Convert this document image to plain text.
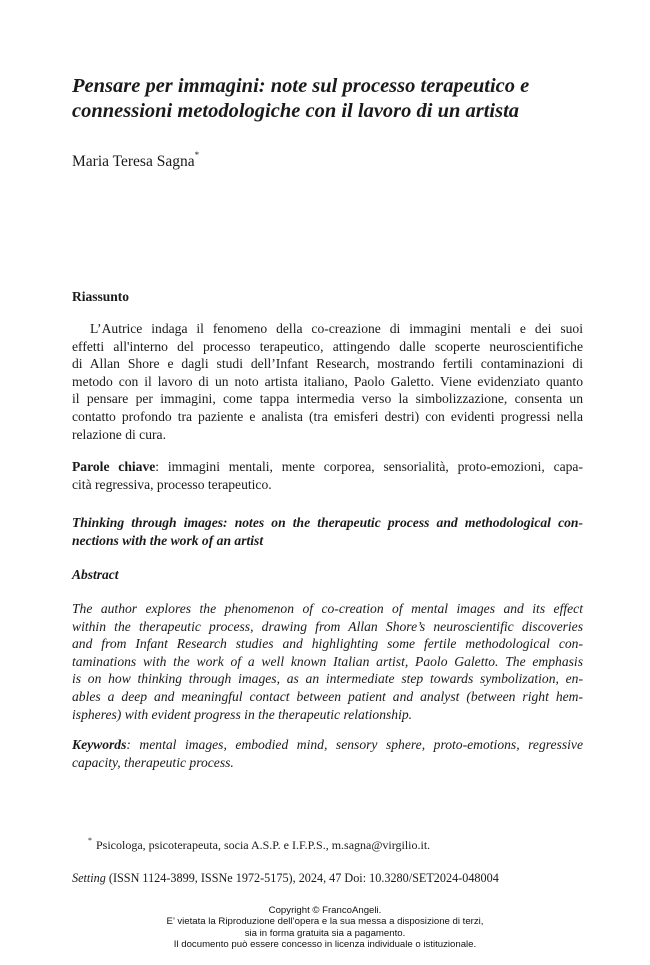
Pensare per immagini: note sul processo terapeutico e
connessioni metodologiche con il lavoro di un artista
Maria Teresa Sagna*
Riassunto
L’Autrice indaga il fenomeno della co-creazione di immagini mentali e dei suoi
effetti all'interno del processo terapeutico, attingendo dalle scoperte neuroscientifiche
di Allan Shore e dagli studi dell’Infant Research, mostrando fertili contaminazioni di
metodo con il lavoro di un noto artista italiano, Paolo Galetto. Viene evidenziato quanto
il pensare per immagini, come tappa intermedia verso la simbolizzazione, consenta un
contatto profondo tra paziente e analista (tra emisferi destri) con evidenti progressi nella
relazione di cura.
Parole chiave: immagini mentali, mente corporea, sensorialità, proto-emozioni, capa-
cità regressiva, processo terapeutico.
Thinking through images: notes on the therapeutic process and methodological con-
nections with the work of an artist
Abstract
The author explores the phenomenon of co-creation of mental images and its effect
within the therapeutic process, drawing from Allan Shore’s neuroscientific discoveries
and from Infant Research studies and highlighting some fertile methodological con-
taminations with the work of a well known Italian artist, Paolo Galetto. The emphasis
is on how thinking through images, as an intermediate step towards symbolization, en-
ables a deep and meaningful contact between patient and analyst (between right hem-
ispheres) with evident progress in the therapeutic relationship.
Keywords: mental images, embodied mind, sensory sphere, proto-emotions, regressive
capacity, therapeutic process.
* Psicologa, psicoterapeuta, socia A.S.P. e I.F.P.S., m.sagna@virgilio.it.
Setting (ISSN 1124-3899, ISSNe 1972-5175), 2024, 47 Doi: 10.3280/SET2024-048004
Copyright © FrancoAngeli.
E’ vietata la Riproduzione dell’opera e la sua messa a disposizione di terzi,
sia in forma gratuita sia a pagamento.
Il documento può essere concesso in licenza individuale o istituzionale.
